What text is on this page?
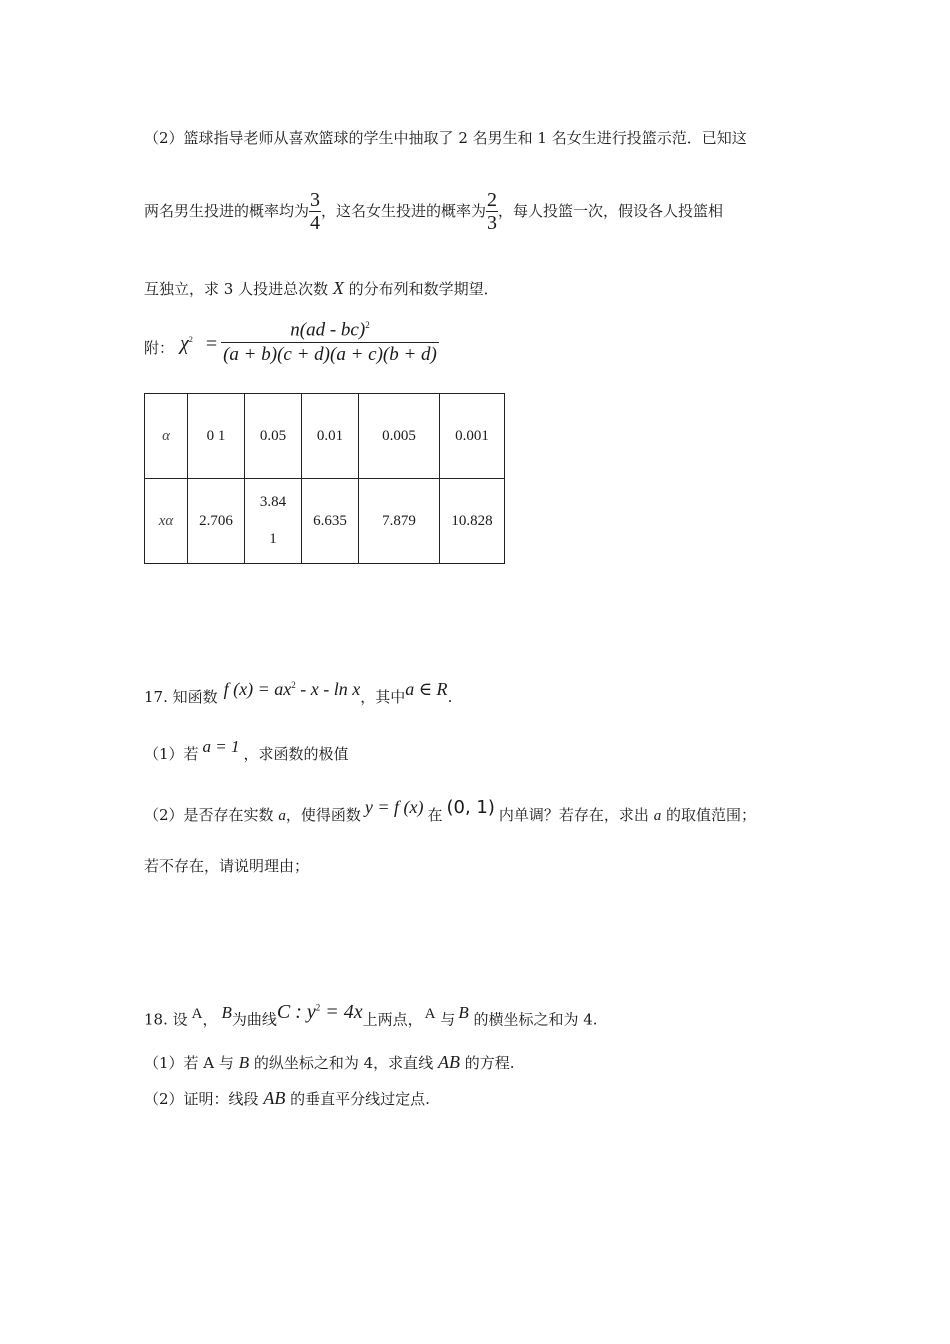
（2）篮球指导老师从喜欢篮球的学生中抽取了 2 名男生和 1 名女生进行投篮示范．已知这
两名男生投进的概率均为 $\frac{3}{4}$ ，这名女生投进的概率为 $\frac{2}{3}$ ，每人投篮一次，假设各人投篮相
互独立，求 3 人投进总次数 X 的分布列和数学期望．
附： $\chi^2 = \frac{n(ad - bc)^2}{(a + b)(c + d)(a + c)(b + d)}$
α	0 1	0.05	0.01	0.005	0.001
xα	2.706	3.841	6.635	7.879	10.828
17. 知函数 f $(x) = ax^2 - x - \ln x$，其中a ∈ R.
（1）若 a = 1 ，求函数的极值
（2）是否存在实数 a，使得函数 y = f (x) 在 (0, 1) 内单调？若存在，求出 a 的取值范围；
若不存在，请说明理由；
18. 设 A， B为曲线C : $y^2 = 4x$上两点， A 与 B 的横坐标之和为 4.
（1）若 A 与 B 的纵坐标之和为 4，求直线 AB 的方程.
（2）证明：线段 AB 的垂直平分线过定点.
